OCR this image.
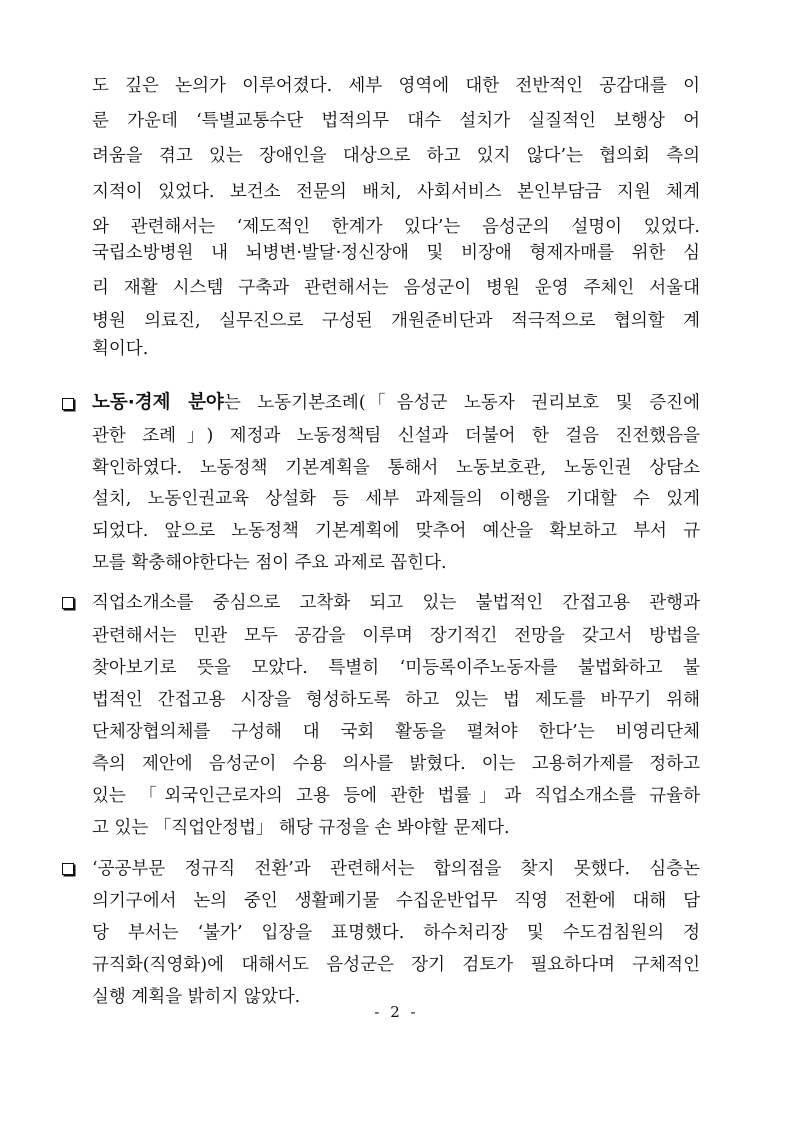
도 깊은 논의가 이루어졌다. 세부 영역에 대한 전반적인 공감대를 이
룬 가운데 ‘특별교통수단 법적의무 대수 설치가 실질적인 보행상 어
려움을 겪고 있는 장애인을 대상으로 하고 있지 않다’는 협의회 측의
지적이 있었다. 보건소 전문의 배치, 사회서비스 본인부담금 지원 체계
와 관련해서는 ‘제도적인 한계가 있다’는 음성군의 설명이 있었다.
국립소방병원 내 뇌병변·발달·정신장애 및 비장애 형제자매를 위한 심
리 재활 시스템 구축과 관련해서는 음성군이 병원 운영 주체인 서울대
병원 의료진, 실무진으로 구성된 개원준비단과 적극적으로 협의할 계
획이다.
노동·경제 분야는 노동기본조례(「음성군 노동자 권리보호 및 증진에
관한 조례」) 제정과 노동정책팀 신설과 더불어 한 걸음 진전했음을
확인하였다. 노동정책 기본계획을 통해서 노동보호관, 노동인권 상담소
설치, 노동인권교육 상설화 등 세부 과제들의 이행을 기대할 수 있게
되었다. 앞으로 노동정책 기본계획에 맞추어 예산을 확보하고 부서 규
모를 확충해야한다는 점이 주요 과제로 꼽힌다.
직업소개소를 중심으로 고착화 되고 있는 불법적인 간접고용 관행과
관련해서는 민관 모두 공감을 이루며 장기적긴 전망을 갖고서 방법을
찾아보기로 뜻을 모았다. 특별히 ‘미등록이주노동자를 불법화하고 불
법적인 간접고용 시장을 형성하도록 하고 있는 법 제도를 바꾸기 위해
단체장협의체를 구성해 대 국회 활동을 펼쳐야 한다’는 비영리단체
측의 제안에 음성군이 수용 의사를 밝혔다. 이는 고용허가제를 정하고
있는 「외국인근로자의 고용 등에 관한 법률」과 직업소개소를 규율하
고 있는 「직업안정법」 해당 규정을 손 봐야할 문제다.
‘공공부문 정규직 전환’과 관련해서는 합의점을 찾지 못했다. 심층논
의기구에서 논의 중인 생활폐기물 수집운반업무 직영 전환에 대해 담
당 부서는 ‘불가’ 입장을 표명했다. 하수처리장 및 수도검침원의 정
규직화(직영화)에 대해서도 음성군은 장기 검토가 필요하다며 구체적인
실행 계획을 밝히지 않았다.
- 2 -
